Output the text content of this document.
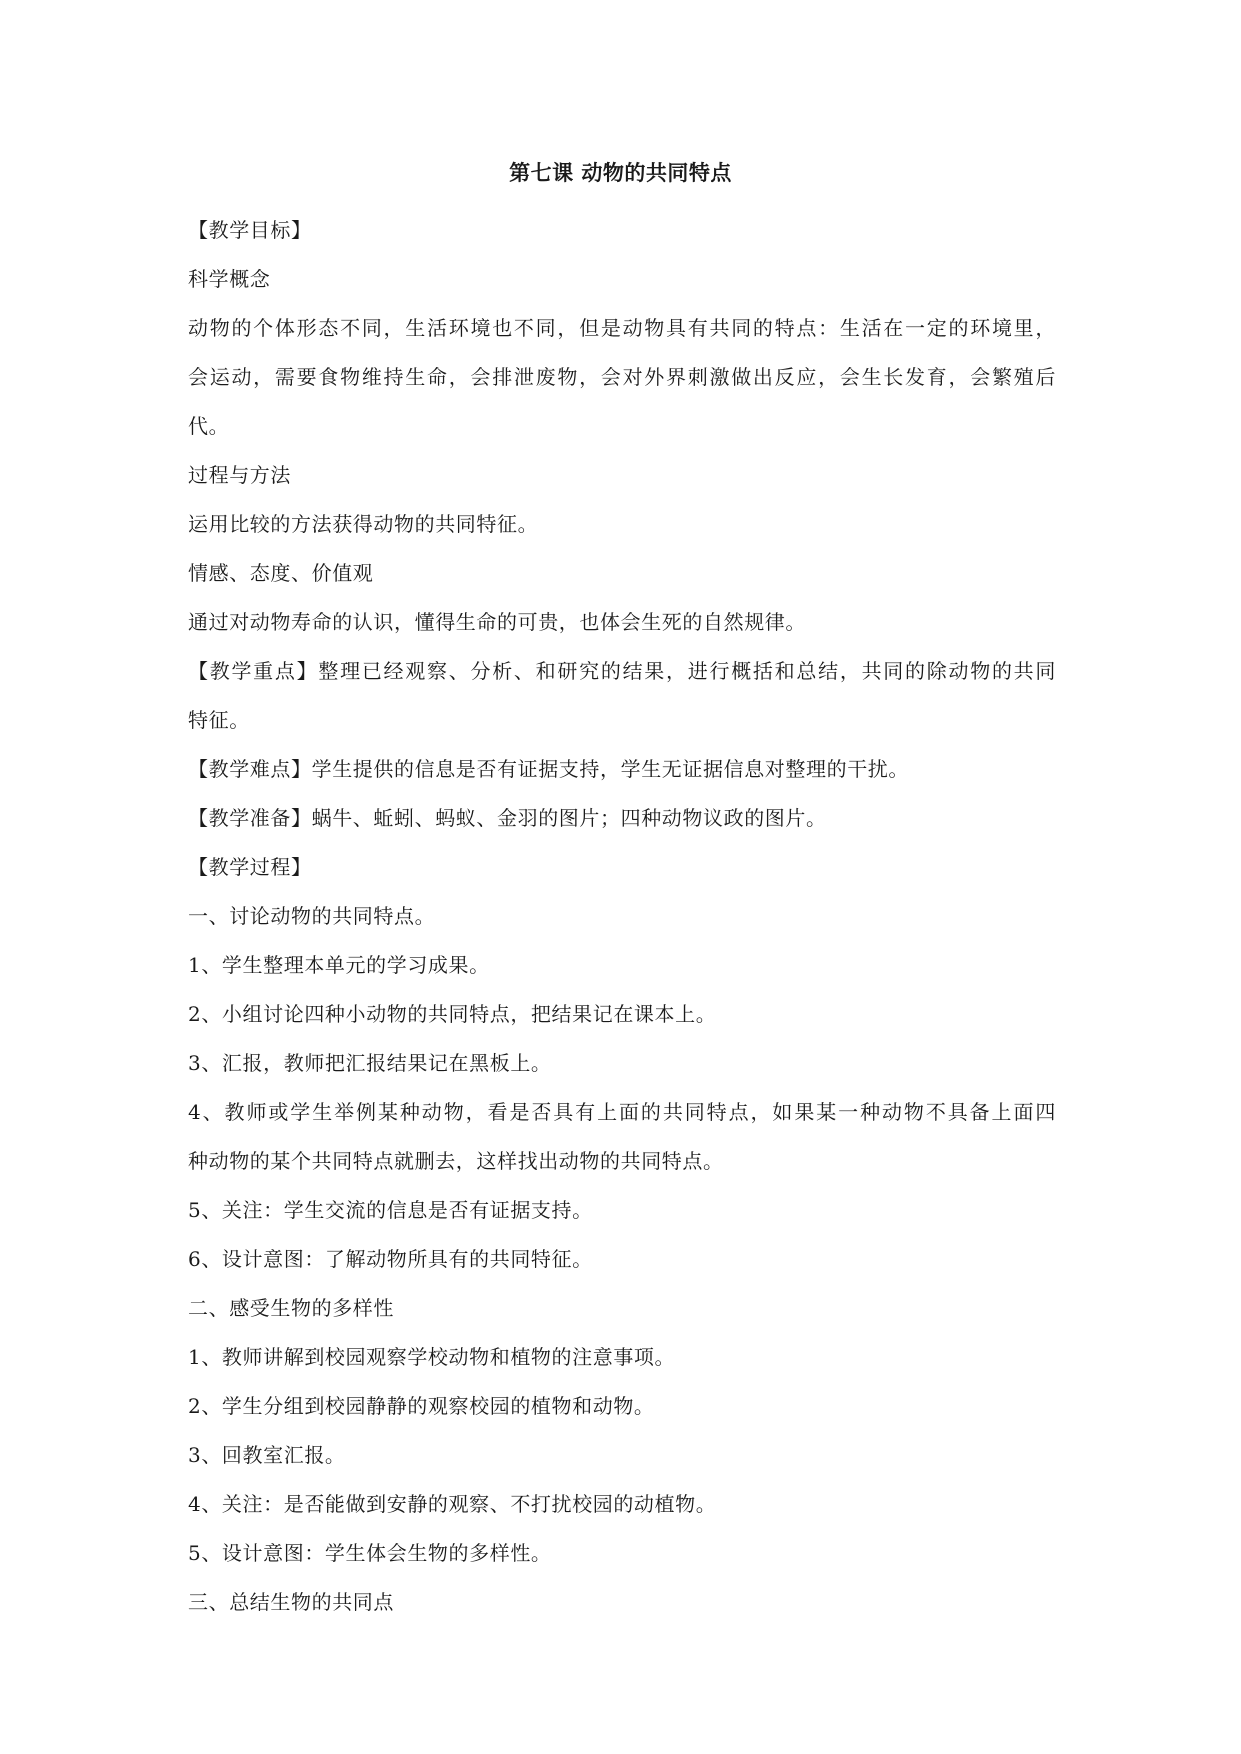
第七课 动物的共同特点
【教学目标】
科学概念
动物的个体形态不同，生活环境也不同，但是动物具有共同的特点：生活在一定的环境里，
会运动，需要食物维持生命，会排泄废物，会对外界刺激做出反应，会生长发育，会繁殖后
代。
过程与方法
运用比较的方法获得动物的共同特征。
情感、态度、价值观
通过对动物寿命的认识，懂得生命的可贵，也体会生死的自然规律。
【教学重点】整理已经观察、分析、和研究的结果，进行概括和总结，共同的除动物的共同
特征。
【教学难点】学生提供的信息是否有证据支持，学生无证据信息对整理的干扰。
【教学准备】蜗牛、蚯蚓、蚂蚁、金羽的图片；四种动物议政的图片。
【教学过程】
一、讨论动物的共同特点。
1、学生整理本单元的学习成果。
2、小组讨论四种小动物的共同特点，把结果记在课本上。
3、汇报，教师把汇报结果记在黑板上。
4、教师或学生举例某种动物，看是否具有上面的共同特点，如果某一种动物不具备上面四
种动物的某个共同特点就删去，这样找出动物的共同特点。
5、关注：学生交流的信息是否有证据支持。
6、设计意图：了解动物所具有的共同特征。
二、感受生物的多样性
1、教师讲解到校园观察学校动物和植物的注意事项。
2、学生分组到校园静静的观察校园的植物和动物。
3、回教室汇报。
4、关注：是否能做到安静的观察、不打扰校园的动植物。
5、设计意图：学生体会生物的多样性。
三、总结生物的共同点
